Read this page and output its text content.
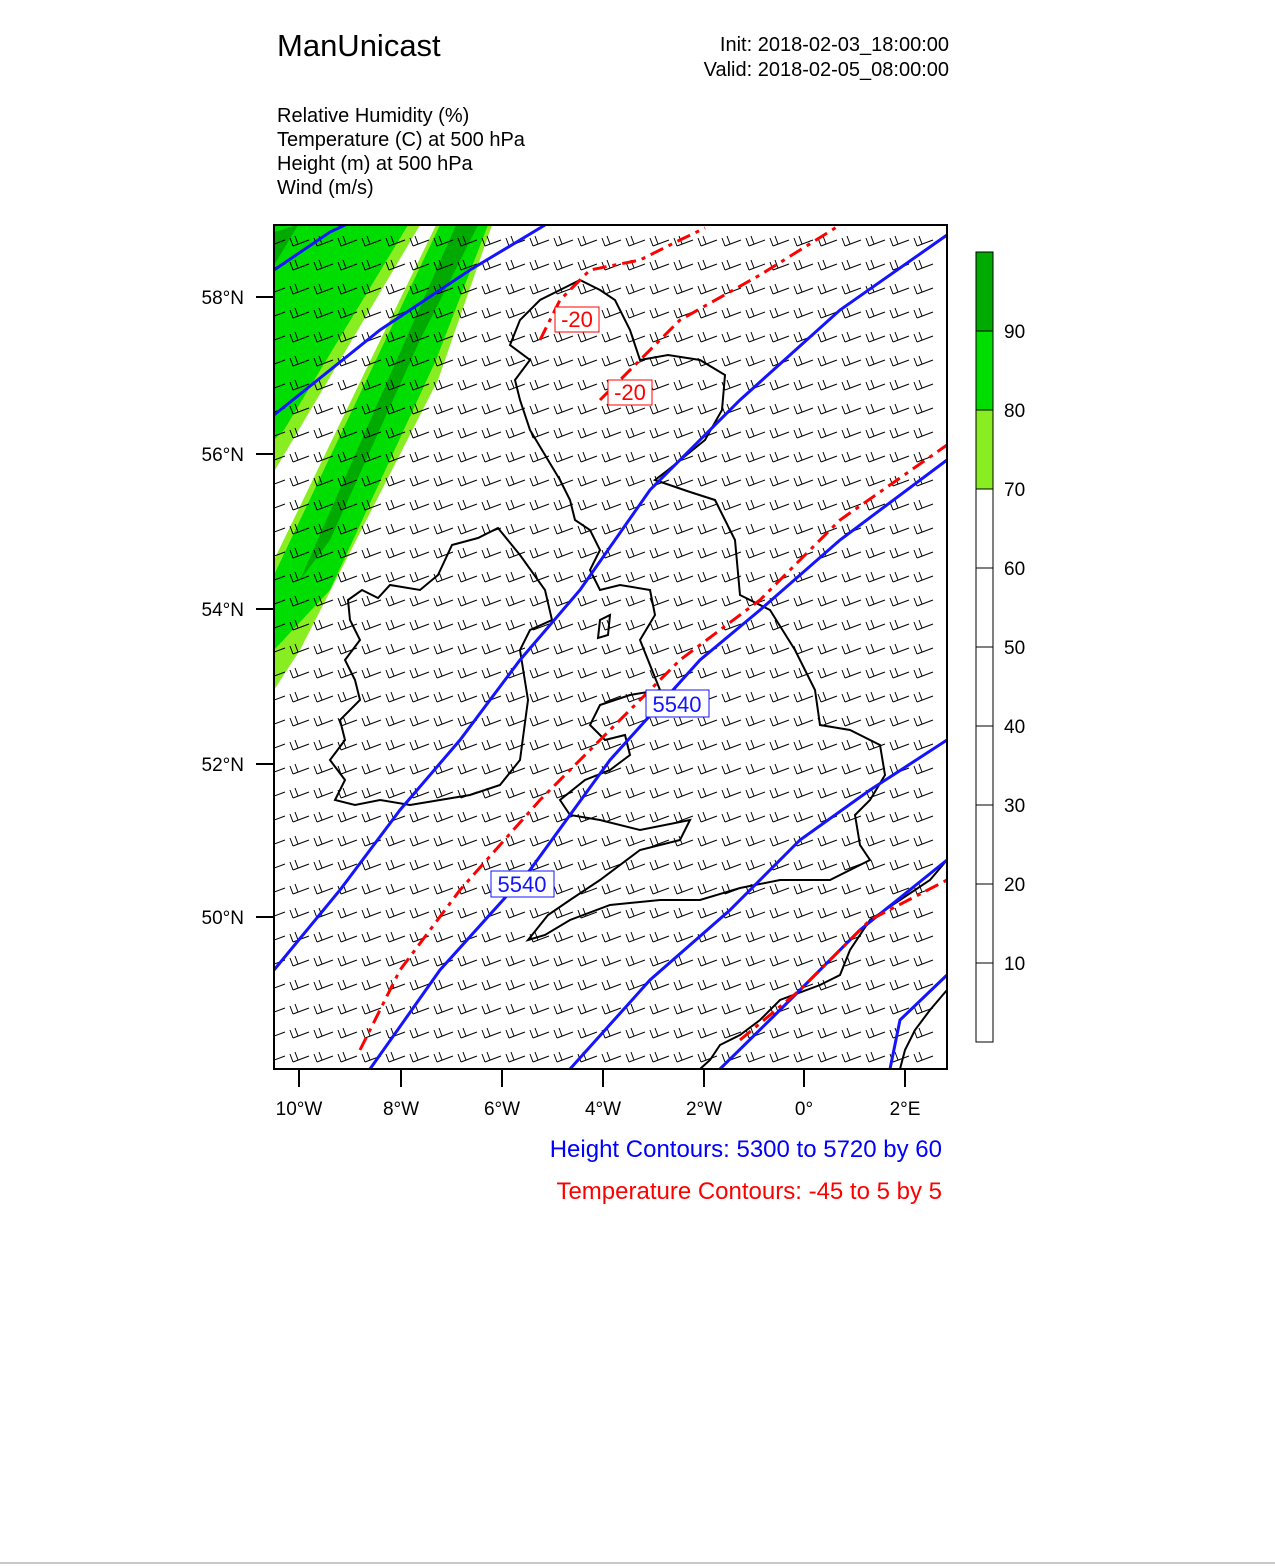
ManUnicast	Init: 2018-02-03_18:00:00
Valid: 2018-02-05_08:00:00
Relative Humidity (%)
Temperature (C) at 500 hPa
Height (m) at 500 hPa
Wind (m/s)
5540
5540
-20
-20
58°N
56°N
54°N
52°N
50°N
10°W	8°W	6°W	4°W	2°W	0°	2°E
90
80
70
60
50
40
30
20
10
Height Contours: 5300 to 5720 by 60
Temperature Contours: -45 to 5 by 5
